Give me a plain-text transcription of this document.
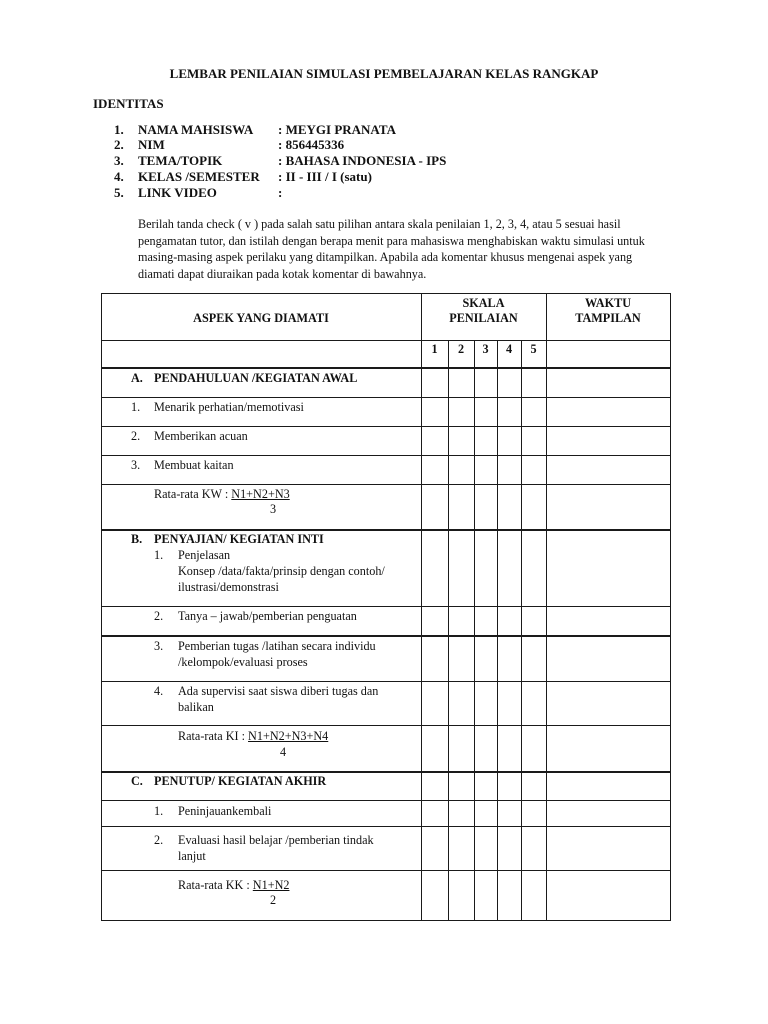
LEMBAR PENILAIAN SIMULASI PEMBELAJARAN KELAS RANGKAP
IDENTITAS
1.	NAMA MAHSISWA	: MEYGI PRANATA
2.	NIM	: 856445336
3.	TEMA/TOPIK	: BAHASA INDONESIA - IPS
4.	KELAS /SEMESTER	: II - III / I (satu)
5.	LINK VIDEO	:
Berilah tanda check ( v ) pada salah satu pilihan antara skala penilaian 1, 2, 3, 4, atau 5 sesuai hasil
pengamatan tutor, dan istilah dengan berapa menit para mahasiswa menghabiskan waktu simulasi untuk
masing-masing aspek perilaku yang ditampilkan. Apabila ada komentar khusus mengenai aspek yang
diamati dapat diuraikan pada kotak komentar di bawahnya.
ASPEK YANG DIAMATI
SKALA
PENILAIAN
WAKTU
TAMPILAN
1	2	3	4	5
A. PENDAHULUAN /KEGIATAN AWAL
1. Menarik perhatian/memotivasi
2. Memberikan acuan
3. Membuat kaitan
Rata-rata KW : N1+N2+N3
3
B. PENYAJIAN/ KEGIATAN INTI
1. Penjelasan
Konsep /data/fakta/prinsip dengan contoh/
ilustrasi/demonstrasi
2. Tanya – jawab/pemberian penguatan
3. Pemberian tugas /latihan secara individu
/kelompok/evaluasi proses
4. Ada supervisi saat siswa diberi tugas dan
balikan
Rata-rata KI : N1+N2+N3+N4
4
C. PENUTUP/ KEGIATAN AKHIR
1. Peninjauankembali
2. Evaluasi hasil belajar /pemberian tindak
lanjut
Rata-rata KK : N1+N2
2
